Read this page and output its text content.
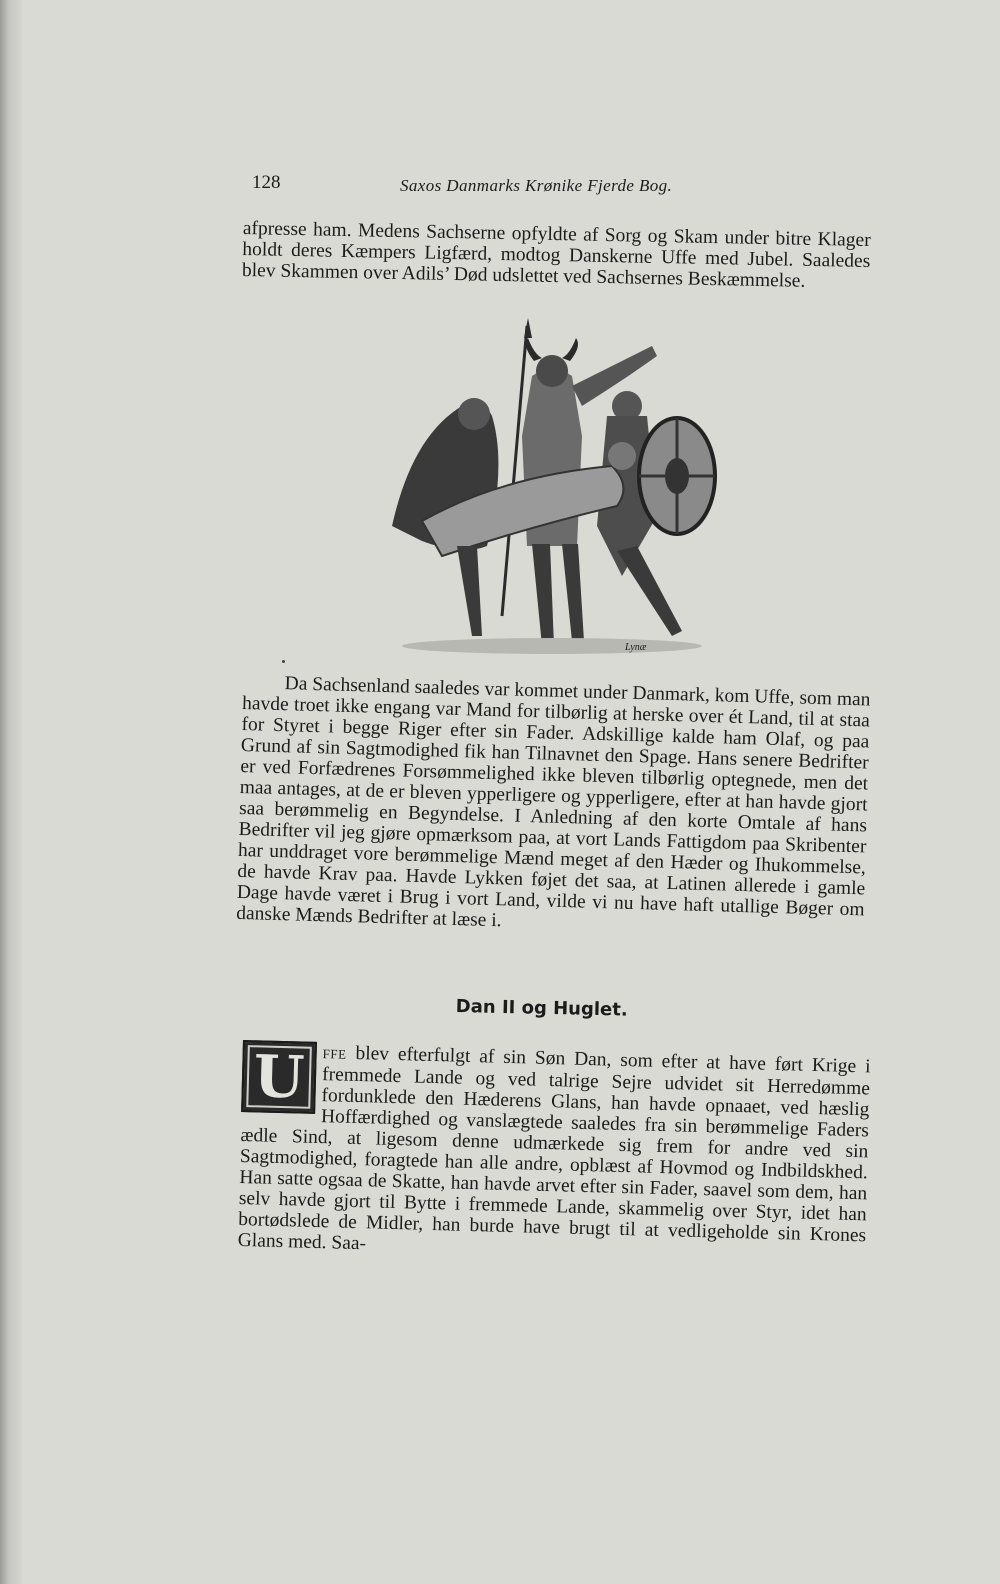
128	Saxos Danmarks Krønike Fjerde Bog.

afpresse ham. Medens Sachserne opfyldte af Sorg og Skam under bitre Klager holdt deres Kæmpers Ligfærd, modtog Danskerne Uffe med Jubel. Saaledes blev Skammen over Adils’ Død udslettet ved Sachsernes Beskæmmelse.

Lynæ

Da Sachsenland saaledes var kommet under Danmark, kom Uffe, som man havde troet ikke engang var Mand for tilbørlig at herske over ét Land, til at staa for Styret i begge Riger efter sin Fader. Adskillige kalde ham Olaf, og paa Grund af sin Sagtmodighed fik han Tilnavnet den Spage. Hans senere Bedrifter er ved Forfædrenes Forsømmelighed ikke bleven tilbørlig optegnede, men det maa antages, at de er bleven ypperligere og ypperligere, efter at han havde gjort saa berømmelig en Begyndelse. I Anledning af den korte Omtale af hans Bedrifter vil jeg gjøre opmærksom paa, at vort Lands Fattigdom paa Skribenter har unddraget vore berømmelige Mænd meget af den Hæder og Ihukommelse, de havde Krav paa. Havde Lykken føjet det saa, at Latinen allerede i gamle Dage havde været i Brug i vort Land, vilde vi nu have haft utallige Bøger om danske Mænds Bedrifter at læse i.

Dan II og Huglet.

U	FFE blev efterfulgt af sin Søn Dan, som efter at have ført Krige i fremmede Lande og ved talrige Sejre udvidet sit Herredømme fordunklede den Hæderens Glans, han havde opnaaet, ved hæslig Hoffærdighed og vanslægtede saaledes fra sin berømmelige Faders ædle Sind, at ligesom denne udmærkede sig frem for andre ved sin Sagtmodighed, foragtede han alle andre, opblæst af Hovmod og Indbildskhed. Han satte ogsaa de Skatte, han havde arvet efter sin Fader, saavel som dem, han selv havde gjort til Bytte i fremmede Lande, skammelig over Styr, idet han bortødslede de Midler, han burde have brugt til at vedligeholde sin Krones Glans med. Saa-
